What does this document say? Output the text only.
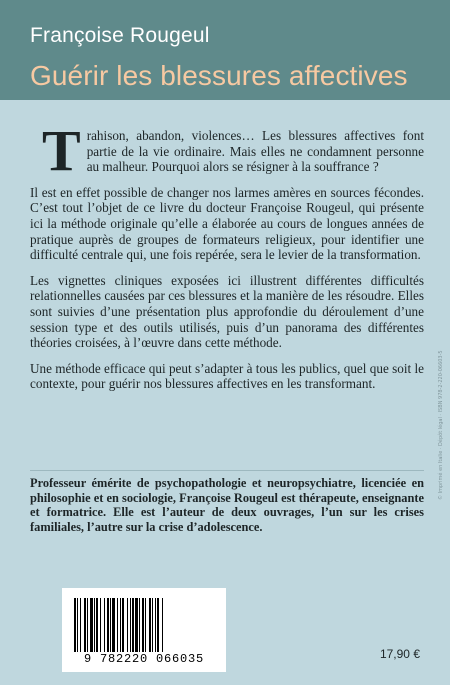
Françoise Rougeul
Guérir les blessures affectives

T rahison, abandon, violences… Les blessures affectives font partie de la vie ordinaire. Mais elles ne condamnent personne au malheur. Pourquoi alors se résigner à la souffrance ?

Il est en effet possible de changer nos larmes amères en sources fécondes. C’est tout l’objet de ce livre du docteur Françoise Rougeul, qui présente ici la méthode originale qu’elle a élaborée au cours de longues années de pratique auprès de groupes de formateurs religieux, pour identifier une difficulté centrale qui, une fois repérée, sera le levier de la transformation.

Les vignettes cliniques exposées ici illustrent différentes difficultés relationnelles causées par ces blessures et la manière de les résoudre. Elles sont suivies d’une présentation plus approfondie du déroulement d’une session type et des outils utilisés, puis d’un panorama des différentes théories croisées, à l’œuvre dans cette méthode.

Une méthode efficace qui peut s’adapter à tous les publics, quel que soit le contexte, pour guérir nos blessures affectives en les transformant.

Professeur émérite de psychopathologie et neuropsychiatre, licenciée en philosophie et en sociologie, Françoise Rougeul est thérapeute, enseignante et formatrice. Elle est l’auteur de deux ouvrages, l’un sur les crises familiales, l’autre sur la crise d’adolescence.
9 782220 066035	17,90 €
© Imprimé en Italie · Dépôt légal · ISBN 978-2-220-06603-5
